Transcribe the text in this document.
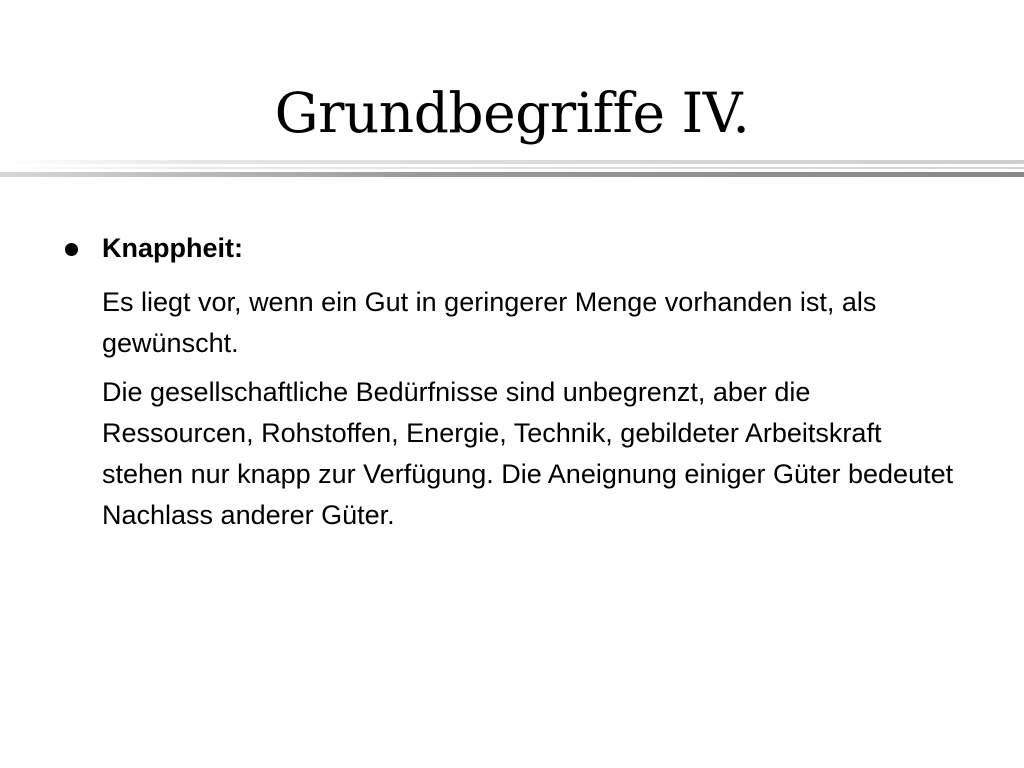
Grundbegriffe IV.
Knappheit:
Es liegt vor, wenn ein Gut in geringerer Menge vorhanden ist, als gewünscht.
Die gesellschaftliche Bedürfnisse sind unbegrenzt, aber die Ressourcen, Rohstoffen, Energie, Technik, gebildeter Arbeitskraft stehen nur knapp zur Verfügung. Die Aneignung einiger Güter bedeutet Nachlass anderer Güter.
